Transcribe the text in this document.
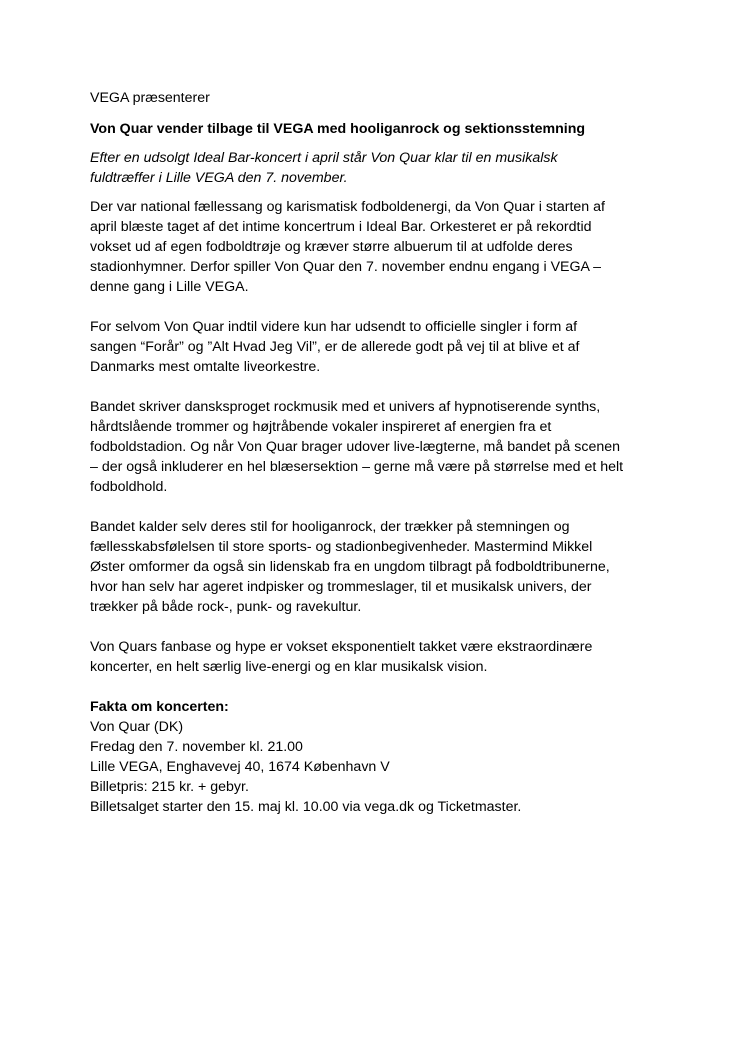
VEGA præsenterer

Von Quar vender tilbage til VEGA med hooliganrock og sektionsstemning

Efter en udsolgt Ideal Bar-koncert i april står Von Quar klar til en musikalsk
fuldtræffer i Lille VEGA den 7. november.

Der var national fællessang og karismatisk fodboldenergi, da Von Quar i starten af
april blæste taget af det intime koncertrum i Ideal Bar. Orkesteret er på rekordtid
vokset ud af egen fodboldtrøje og kræver større albuerum til at udfolde deres
stadionhymner. Derfor spiller Von Quar den 7. november endnu engang i VEGA –
denne gang i Lille VEGA.

For selvom Von Quar indtil videre kun har udsendt to officielle singler i form af
sangen “Forår” og ”Alt Hvad Jeg Vil”, er de allerede godt på vej til at blive et af
Danmarks mest omtalte liveorkestre.

Bandet skriver dansksproget rockmusik med et univers af hypnotiserende synths,
hårdtslående trommer og højtråbende vokaler inspireret af energien fra et
fodboldstadion. Og når Von Quar brager udover live-lægterne, må bandet på scenen
– der også inkluderer en hel blæsersektion – gerne må være på størrelse med et helt
fodboldhold.

Bandet kalder selv deres stil for hooliganrock, der trækker på stemningen og
fællesskabsfølelsen til store sports- og stadionbegivenheder. Mastermind Mikkel
Øster omformer da også sin lidenskab fra en ungdom tilbragt på fodboldtribunerne,
hvor han selv har ageret indpisker og trommeslager, til et musikalsk univers, der
trækker på både rock-, punk- og ravekultur.

Von Quars fanbase og hype er vokset eksponentielt takket være ekstraordinære
koncerter, en helt særlig live-energi og en klar musikalsk vision.

Fakta om koncerten:
Von Quar (DK)
Fredag den 7. november kl. 21.00
Lille VEGA, Enghavevej 40, 1674 København V
Billetpris: 215 kr. + gebyr.
Billetsalget starter den 15. maj kl. 10.00 via vega.dk og Ticketmaster.
